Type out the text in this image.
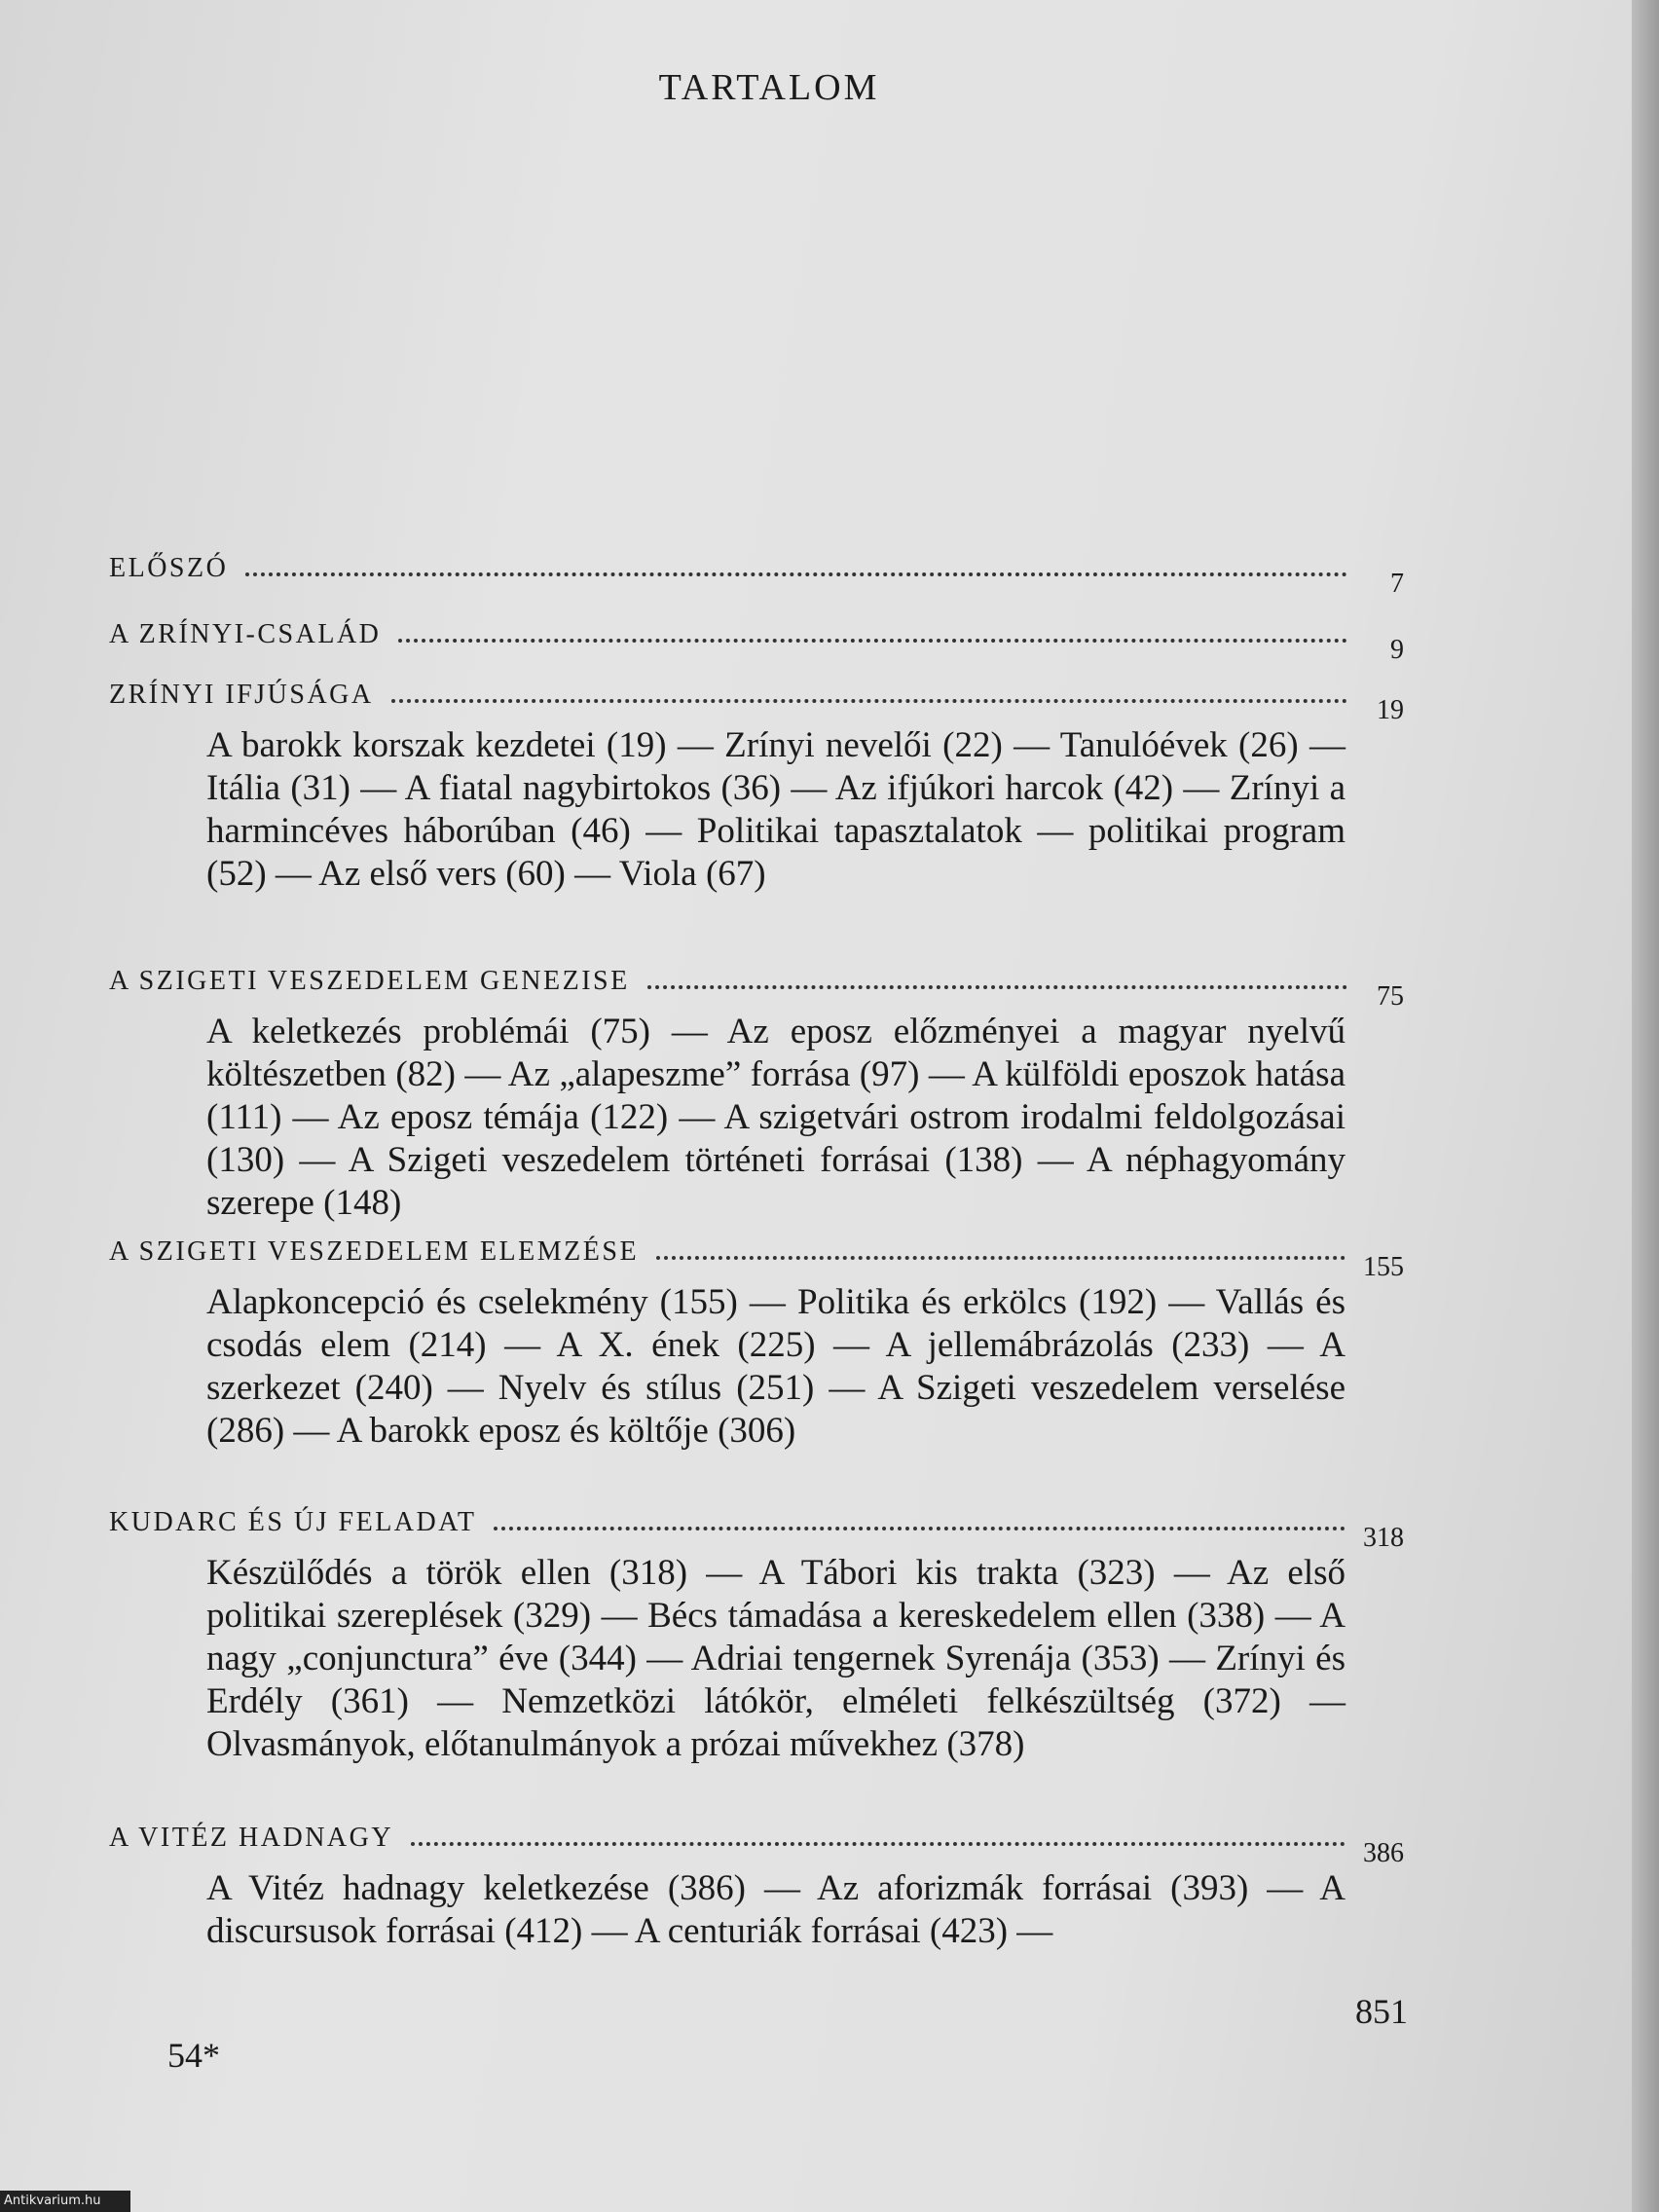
TARTALOM
ELŐSZÓ
7
A ZRÍNYI-CSALÁD
9
ZRÍNYI IFJÚSÁGA
19
A barokk korszak kezdetei (19) — Zrínyi nevelői (22) — Tanulóévek (26) — Itália (31) — A fiatal nagybirtokos (36) — Az ifjúkori harcok (42) — Zrínyi a harmincéves háborúban (46) — Politikai tapasztalatok — politikai program (52) — Az első vers (60) — Viola (67)
A SZIGETI VESZEDELEM GENEZISE
75
A keletkezés problémái (75) — Az eposz előzményei a magyar nyelvű költészetben (82) — Az „alapeszme” forrása (97) — A külföldi eposzok hatása (111) — Az eposz témája (122) — A szigetvári ostrom irodalmi feldolgozásai (130) — A Szigeti veszedelem történeti forrásai (138) — A néphagyomány szerepe (148)
A SZIGETI VESZEDELEM ELEMZÉSE
155
Alapkoncepció és cselekmény (155) — Politika és erkölcs (192) — Vallás és csodás elem (214) — A X. ének (225) — A jellemábrázolás (233) — A szerkezet (240) — Nyelv és stílus (251) — A Szigeti veszedelem verselése (286) — A barokk eposz és költője (306)
KUDARC ÉS ÚJ FELADAT
318
Készülődés a török ellen (318) — A Tábori kis trakta (323) — Az első politikai szereplések (329) — Bécs támadása a kereskedelem ellen (338) — A nagy „conjunctura” éve (344) — Adriai tengernek Syrenája (353) — Zrínyi és Erdély (361) — Nemzetközi látókör, elméleti felkészültség (372) — Olvasmányok, előtanulmányok a prózai művekhez (378)
A VITÉZ HADNAGY
386
A Vitéz hadnagy keletkezése (386) — Az aforizmák forrásai (393) — A discursusok forrásai (412) — A centuriák forrásai (423) —
851
54*
Antikvarium.hu
